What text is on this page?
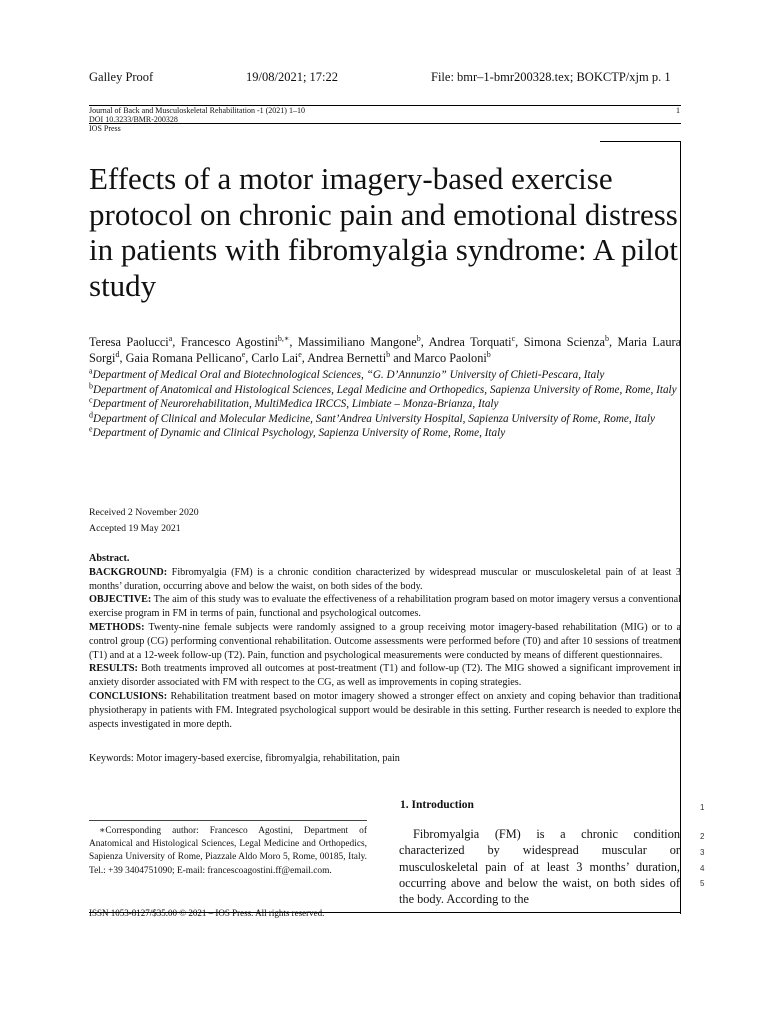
Galley Proof	19/08/2021; 17:22	File: bmr–1-bmr200328.tex; BOKCTP/xjm p. 1
Journal of Back and Musculoskeletal Rehabilitation -1 (2021) 1–10
DOI 10.3233/BMR-200328
IOS Press
1
Effects of a motor imagery-based exercise protocol on chronic pain and emotional distress in patients with fibromyalgia syndrome: A pilot study

Teresa Paolucci$^a$, Francesco Agostini$^{b,∗}$, Massimiliano Mangone$^b$, Andrea Torquati$^c$, Simona Scienza$^b$, Maria Laura Sorgi$^d$, Gaia Romana Pellicano$^e$, Carlo Lai$^e$, Andrea Bernetti$^b$ and Marco Paoloni$^b$

$^a$Department of Medical Oral and Biotechnological Sciences, “G. D’Annunzio” University of Chieti-Pescara, Italy

$^b$Department of Anatomical and Histological Sciences, Legal Medicine and Orthopedics, Sapienza University of Rome, Rome, Italy

$^c$Department of Neurorehabilitation, MultiMedica IRCCS, Limbiate – Monza-Brianza, Italy

$^d$Department of Clinical and Molecular Medicine, Sant’Andrea University Hospital, Sapienza University of Rome, Rome, Italy

$^e$Department of Dynamic and Clinical Psychology, Sapienza University of Rome, Rome, Italy

Received 2 November 2020
Accepted 19 May 2021
Abstract.

BACKGROUND: Fibromyalgia (FM) is a chronic condition characterized by widespread muscular or musculoskeletal pain of at least 3 months’ duration, occurring above and below the waist, on both sides of the body.

OBJECTIVE: The aim of this study was to evaluate the effectiveness of a rehabilitation program based on motor imagery versus a conventional exercise program in FM in terms of pain, functional and psychological outcomes.

METHODS: Twenty-nine female subjects were randomly assigned to a group receiving motor imagery-based rehabilitation (MIG) or to a control group (CG) performing conventional rehabilitation. Outcome assessments were performed before (T0) and after 10 sessions of treatment (T1) and at a 12-week follow-up (T2). Pain, function and psychological measurements were conducted by means of different questionnaires.

RESULTS: Both treatments improved all outcomes at post-treatment (T1) and follow-up (T2). The MIG showed a significant improvement in anxiety disorder associated with FM with respect to the CG, as well as improvements in coping strategies.

CONCLUSIONS: Rehabilitation treatment based on motor imagery showed a stronger effect on anxiety and coping behavior than traditional physiotherapy in patients with FM. Integrated psychological support would be desirable in this setting. Further research is needed to explore the aspects investigated in more depth.

Keywords: Motor imagery-based exercise, fibromyalgia, rehabilitation, pain
1. Introduction

Fibromyalgia (FM) is a chronic condition characterized by widespread muscular or musculoskeletal pain of at least 3 months’ duration, occurring above and below the waist, on both sides of the body. According to the

1
2
3
4
5

∗Corresponding author: Francesco Agostini, Department of Anatomical and Histological Sciences, Legal Medicine and Orthopedics, Sapienza University of Rome, Piazzale Aldo Moro 5, Rome, 00185, Italy. Tel.: +39 3404751090; E-mail: francescoagostini.ff@email.com.

ISSN 1053-8127/$35.00 © 2021 – IOS Press. All rights reserved.
